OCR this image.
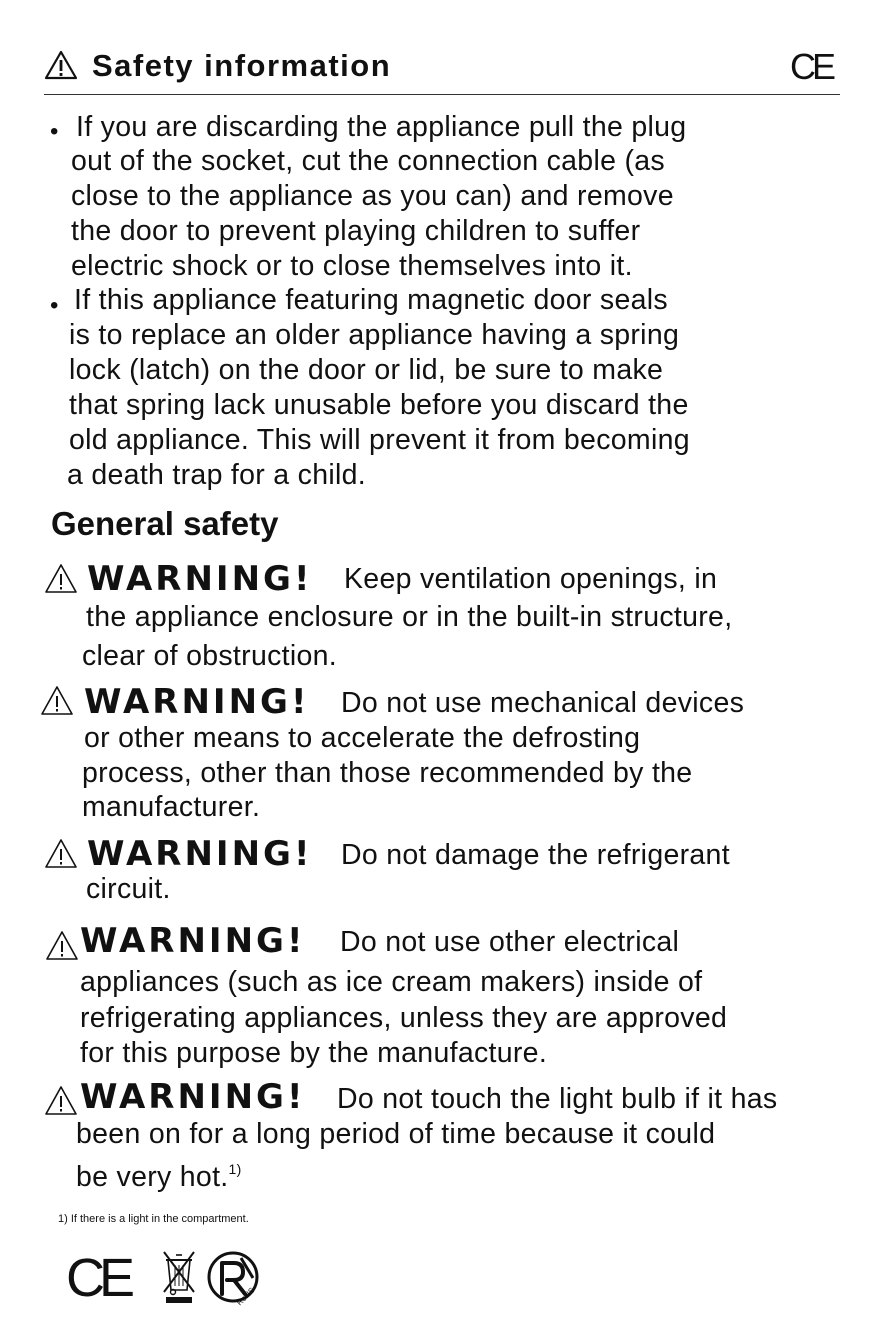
Safety information	CE
• If you are discarding the appliance pull the plug
out of the socket, cut the connection cable (as
close to the appliance as you can) and remove
the door to prevent playing children to suffer
electric shock or to close themselves into it.
• If this appliance featuring magnetic door seals
is to replace an older appliance having a spring
lock (latch) on the door or lid, be sure to make
that spring lack unusable before you discard the
old appliance. This will prevent it from becoming
a death trap for a child.
General safety
WARNING! Keep ventilation openings, in
the appliance enclosure or in the built-in structure,
clear of obstruction.
WARNING! Do not use mechanical devices
or other means to accelerate the defrosting
process, other than those recommended by the
manufacturer.
WARNING! Do not damage the refrigerant
circuit.
WARNING! Do not use other electrical
appliances (such as ice cream makers) inside of
refrigerating appliances, unless they are approved
for this purpose by the manufacture.
WARNING! Do not touch the light bulb if it has
been on for a long period of time because it could
be very hot.$^{1)}$
1) If there is a light in the compartment.
CE	RoHS
